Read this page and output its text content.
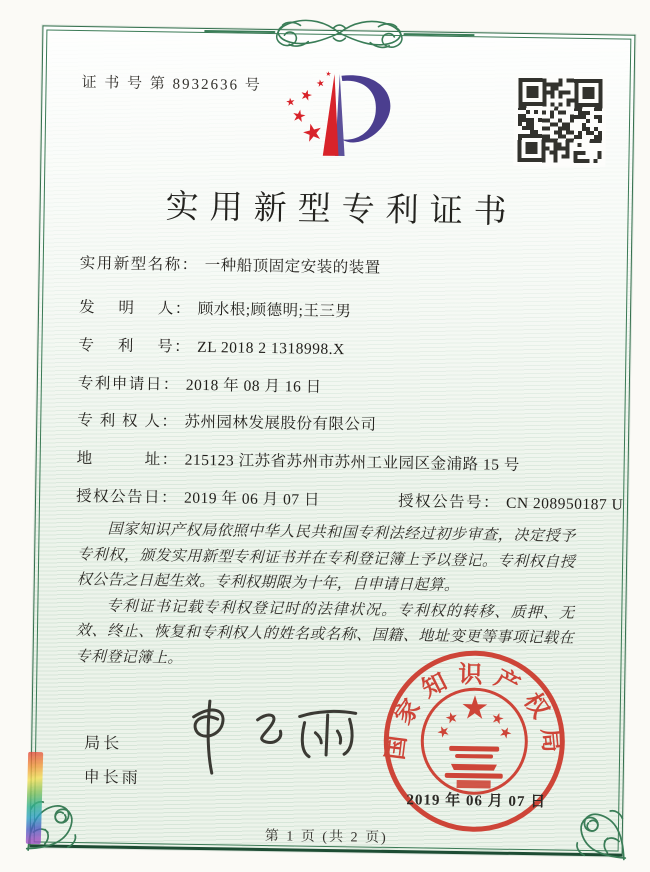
证 书 号 第 8932636 号
实用新型专利证书
实用新型名称： 一种船顶固定安装的装置
发　 明　 人： 顾水根;顾德明;王三男
专　 利　 号： ZL 2018 2 1318998.X
专利申请日： 2018 年 08 月 16 日
专 利 权 人： 苏州园林发展股份有限公司
地　　　址： 215123 江苏省苏州市苏州工业园区金浦路 15 号
授权公告日： 2019 年 06 月 07 日	授权公告号： CN 208950187 U

国家知识产权局依照中华人民共和国专利法经过初步审查，决定授予专利权，颁发实用新型专利证书并在专利登记簿上予以登记。专利权自授权公告之日起生效。专利权期限为十年，自申请日起算。

专利证书记载专利权登记时的法律状况。专利权的转移、质押、无效、终止、恢复和专利权人的姓名或名称、国籍、地址变更等事项记载在专利登记簿上。

局长
申长雨
国家知识产权局
2019 年 06 月 07 日
第 1 页 (共 2 页)
